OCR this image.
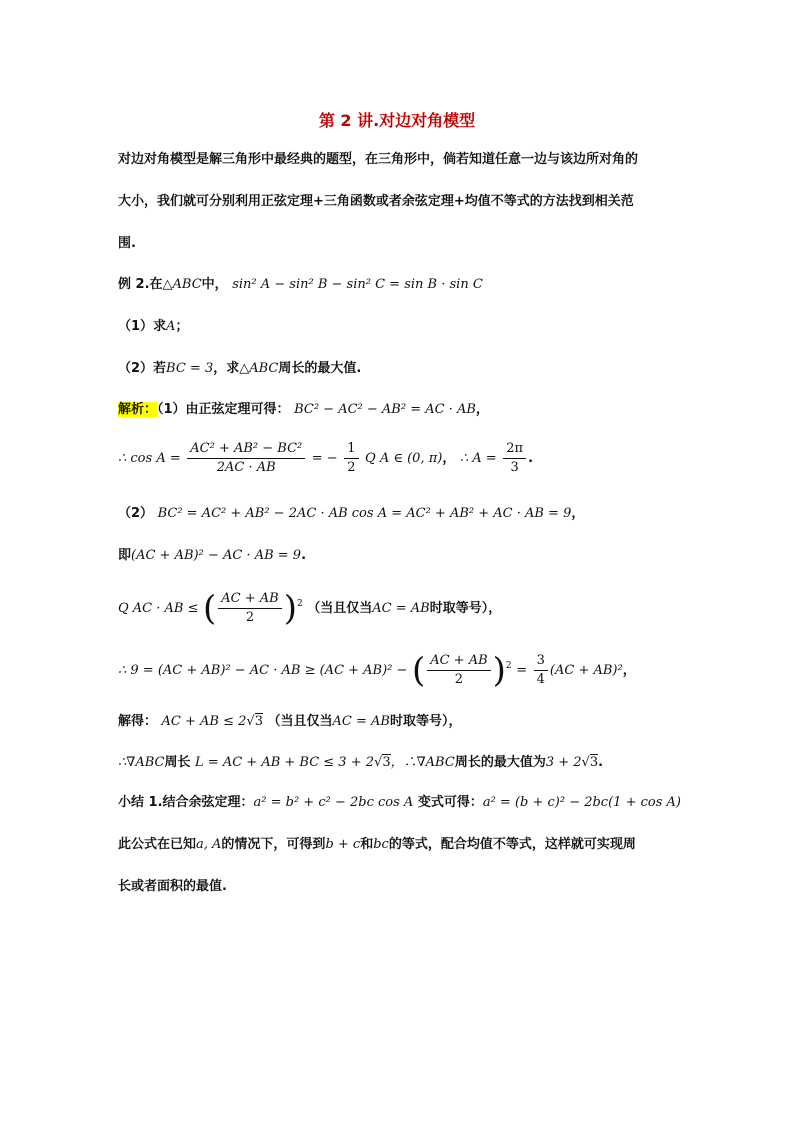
第 2 讲.对边对角模型
对边对角模型是解三角形中最经典的题型，在三角形中，倘若知道任意一边与该边所对角的
大小，我们就可分别利用正弦定理+三角函数或者余弦定理+均值不等式的方法找到相关范
围.
例 2.在△ABC中， sin² A − sin² B − sin² C = sin B · sin C
（1）求A；
（2）若BC = 3，求△ABC周长的最大值.
解析：（1）由正弦定理可得： BC² − AC² − AB² = AC · AB，
∴ $\cos A = \frac{\text{AC² + AB² − BC²}}{2AC \cdot AB}$ = − $\frac{1}{2}$ Q A ∈ (0, π)， ∴ $A = \frac{2\pi}{3}$ .
（2） BC² = AC² + AB² − 2AC · AB cos A = AC² + AB² + AC · AB = 9，
即(AC + AB)² − AC · AB = 9.
Q AC · AB ≤ ( $\frac{AC + AB}{2} )^2$ （当且仅当AC = AB时取等号），
∴ 9 = (AC + AB)² − AC · AB ≥ (AC + AB)² − ( $\frac{AC + AB}{2} )^2 = \frac{3}{4} (AC + AB)^2$，
解得： AC + AB ≤ 2√3 （当且仅当AC = AB时取等号），
∴∇ABC周长 L = AC + AB + BC ≤ 3 + 2√3，∴∇ABC周长的最大值为3 + 2√3.
小结 1.结合余弦定理：a² = b² + c² − 2bc cos A 变式可得：a² = (b + c)² − 2bc(1 + cos A)
此公式在已知a, A的情况下，可得到b + c和bc的等式，配合均值不等式，这样就可实现周
长或者面积的最值.
